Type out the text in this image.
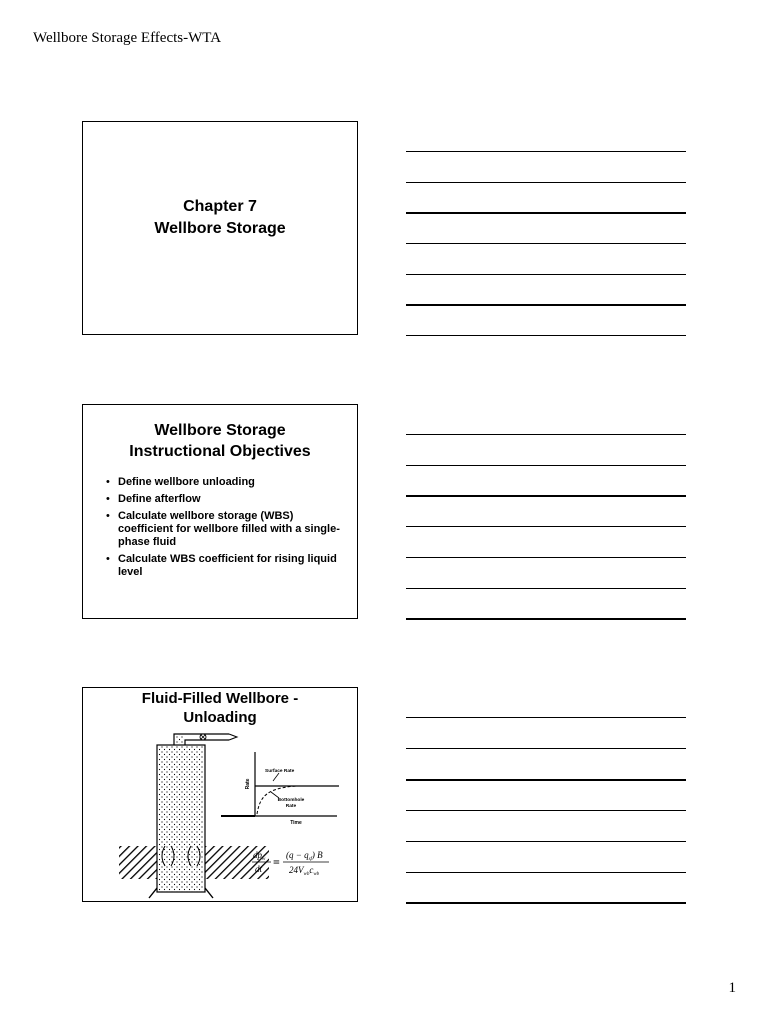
Wellbore Storage Effects-WTA
Chapter 7
Wellbore Storage
Wellbore Storage
Instructional Objectives
• Define wellbore unloading
• Define afterflow
• Calculate wellbore storage (WBS) coefficient for wellbore filled with a single-phase fluid
• Calculate WBS coefficient for rising liquid level
Fluid-Filled Wellbore -
Unloading
Rate
Time
Surface Rate
Bottomhole
Rate
$dp_w$
dt = $(q - q_{sf})$ B
$24V_{wb}c_{wb}$
1
